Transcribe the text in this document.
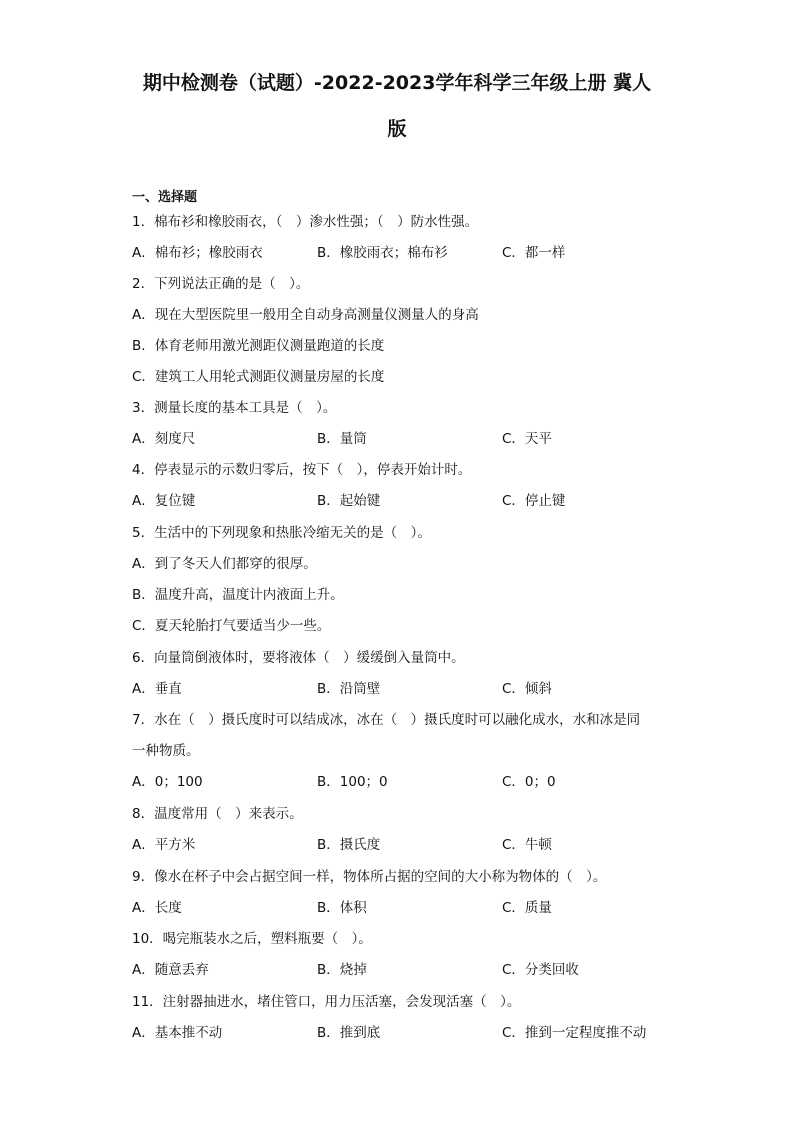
期中检测卷（试题）-2022-2023学年科学三年级上册 冀人
版
一、选择题
1．棉布衫和橡胶雨衣，（　）渗水性强；（　）防水性强。
A．棉布衫；橡胶雨衣	B．橡胶雨衣；棉布衫	C．都一样
2．下列说法正确的是（　）。
A．现在大型医院里一般用全自动身高测量仪测量人的身高
B．体育老师用激光测距仪测量跑道的长度
C．建筑工人用轮式测距仪测量房屋的长度
3．测量长度的基本工具是（　）。
A．刻度尺	B．量筒	C．天平
4．停表显示的示数归零后，按下（　），停表开始计时。
A．复位键	B．起始键	C．停止键
5．生活中的下列现象和热胀冷缩无关的是（　）。
A．到了冬天人们都穿的很厚。
B．温度升高，温度计内液面上升。
C．夏天轮胎打气要适当少一些。
6．向量筒倒液体时，要将液体（　）缓缓倒入量筒中。
A．垂直	B．沿筒壁	C．倾斜
7．水在（　）摄氏度时可以结成冰，冰在（　）摄氏度时可以融化成水，水和冰是同
一种物质。
A．0；100	B．100；0	C．0；0
8．温度常用（　）来表示。
A．平方米	B．摄氏度	C．牛顿
9．像水在杯子中会占据空间一样，物体所占据的空间的大小称为物体的（　）。
A．长度	B．体积	C．质量
10．喝完瓶装水之后，塑料瓶要（　）。
A．随意丢弃	B．烧掉	C．分类回收
11．注射器抽进水，堵住管口，用力压活塞，会发现活塞（　）。
A．基本推不动	B．推到底	C．推到一定程度推不动
